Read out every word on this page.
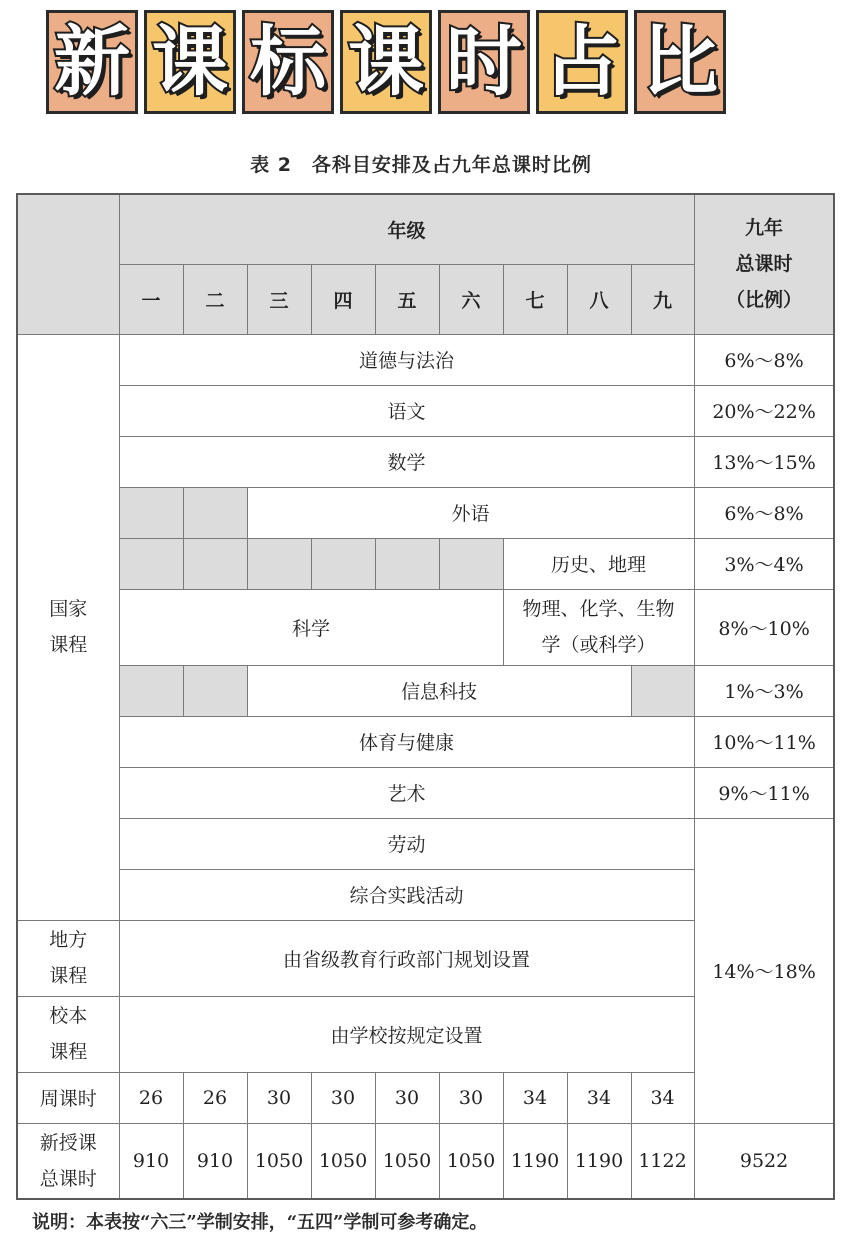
新 课 标 课 时 占 比
表 2　各科目安排及占九年总课时比例
	年级									九年
总课时
（比例）	

	一	二	三	四	五	六	七	八	九		

国家
课程	道德与法治									6%～8%	
	语文									20%～22%	
	数学									13%～15%	
			外语							6%～8%	
							历史、地理			3%～4%	
	科学						物理、化学、生物
学（或科学）			8%～10%	
			信息科技							1%～3%	
	体育与健康									10%～11%	
	艺术									9%～11%	
	劳动									14%～18%	
	综合实践活动										

地方
课程	由省级教育行政部门规划设置										

校本
课程	由学校按规定设置										
周课时	26	26	30	30	30	30	34	34	34		

新授课
总课时	910	910	1050	1050	1050	1050	1190	1190	1122	9522	
说明：本表按“六三”学制安排，“五四”学制可参考确定。
